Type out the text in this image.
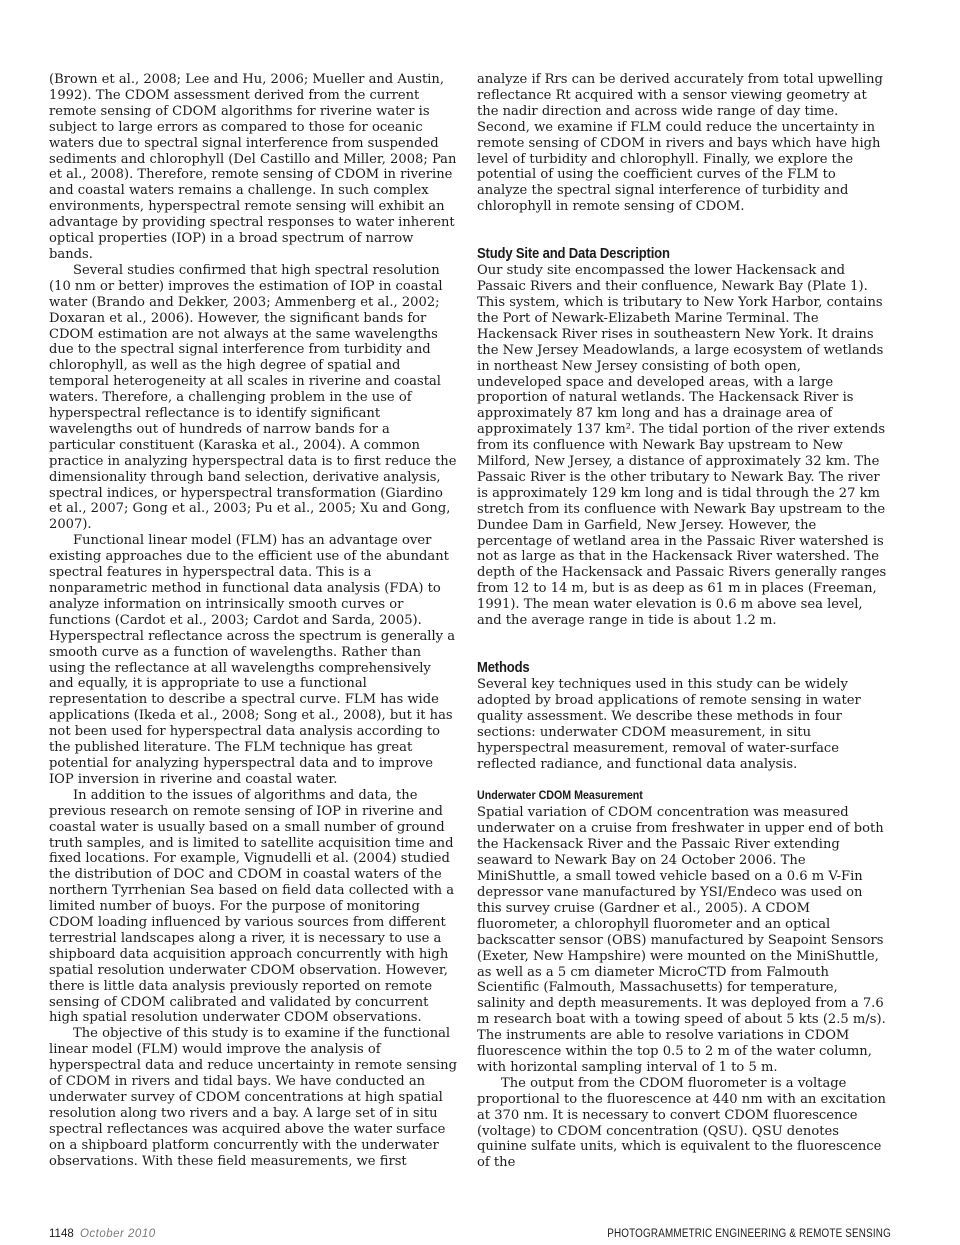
(Brown et al., 2008; Lee and Hu, 2006; Mueller and Austin, 1992). The CDOM assessment derived from the current remote sensing of CDOM algorithms for riverine water is subject to large errors as compared to those for oceanic waters due to spectral signal interference from suspended sediments and chlorophyll (Del Castillo and Miller, 2008; Pan et al., 2008). Therefore, remote sensing of CDOM in riverine and coastal waters remains a challenge. In such complex environments, hyperspectral remote sensing will exhibit an advantage by providing spectral responses to water inherent optical properties (IOP) in a broad spectrum of narrow bands.

Several studies confirmed that high spectral resolution (10 nm or better) improves the estimation of IOP in coastal water (Brando and Dekker, 2003; Ammenberg et al., 2002; Doxaran et al., 2006). However, the significant bands for CDOM estimation are not always at the same wavelengths due to the spectral signal interference from turbidity and chlorophyll, as well as the high degree of spatial and temporal heterogeneity at all scales in riverine and coastal waters. Therefore, a challenging problem in the use of hyperspectral reflectance is to identify significant wavelengths out of hundreds of narrow bands for a particular constituent (Karaska et al., 2004). A common practice in analyzing hyperspectral data is to first reduce the dimensionality through band selection, derivative analysis, spectral indices, or hyperspectral transformation (Giardino et al., 2007; Gong et al., 2003; Pu et al., 2005; Xu and Gong, 2007).

Functional linear model (FLM) has an advantage over existing approaches due to the efficient use of the abundant spectral features in hyperspectral data. This is a nonparametric method in functional data analysis (FDA) to analyze information on intrinsically smooth curves or functions (Cardot et al., 2003; Cardot and Sarda, 2005). Hyperspectral reflectance across the spectrum is generally a smooth curve as a function of wavelengths. Rather than using the reflectance at all wavelengths comprehensively and equally, it is appropriate to use a functional representation to describe a spectral curve. FLM has wide applications (Ikeda et al., 2008; Song et al., 2008), but it has not been used for hyperspectral data analysis according to the published literature. The FLM technique has great potential for analyzing hyperspectral data and to improve IOP inversion in riverine and coastal water.

In addition to the issues of algorithms and data, the previous research on remote sensing of IOP in riverine and coastal water is usually based on a small number of ground truth samples, and is limited to satellite acquisition time and fixed locations. For example, Vignudelli et al. (2004) studied the distribution of DOC and CDOM in coastal waters of the northern Tyrrhenian Sea based on field data collected with a limited number of buoys. For the purpose of monitoring CDOM loading influenced by various sources from different terrestrial landscapes along a river, it is necessary to use a shipboard data acquisition approach concurrently with high spatial resolution underwater CDOM observation. However, there is little data analysis previously reported on remote sensing of CDOM calibrated and validated by concurrent high spatial resolution underwater CDOM observations.

The objective of this study is to examine if the functional linear model (FLM) would improve the analysis of hyperspectral data and reduce uncertainty in remote sensing of CDOM in rivers and tidal bays. We have conducted an underwater survey of CDOM concentrations at high spatial resolution along two rivers and a bay. A large set of in situ spectral reflectances was acquired above the water surface on a shipboard platform concurrently with the underwater observations. With these field measurements, we first

analyze if Rrs can be derived accurately from total upwelling reflectance Rt acquired with a sensor viewing geometry at the nadir direction and across wide range of day time. Second, we examine if FLM could reduce the uncertainty in remote sensing of CDOM in rivers and bays which have high level of turbidity and chlorophyll. Finally, we explore the potential of using the coefficient curves of the FLM to analyze the spectral signal interference of turbidity and chlorophyll in remote sensing of CDOM.

Study Site and Data Description

Our study site encompassed the lower Hackensack and Passaic Rivers and their confluence, Newark Bay (Plate 1). This system, which is tributary to New York Harbor, contains the Port of Newark-Elizabeth Marine Terminal. The Hackensack River rises in southeastern New York. It drains the New Jersey Meadowlands, a large ecosystem of wetlands in northeast New Jersey consisting of both open, undeveloped space and developed areas, with a large proportion of natural wetlands. The Hackensack River is approximately 87 km long and has a drainage area of approximately 137 km². The tidal portion of the river extends from its confluence with Newark Bay upstream to New Milford, New Jersey, a distance of approximately 32 km. The Passaic River is the other tributary to Newark Bay. The river is approximately 129 km long and is tidal through the 27 km stretch from its confluence with Newark Bay upstream to the Dundee Dam in Garfield, New Jersey. However, the percentage of wetland area in the Passaic River watershed is not as large as that in the Hackensack River watershed. The depth of the Hackensack and Passaic Rivers generally ranges from 12 to 14 m, but is as deep as 61 m in places (Freeman, 1991). The mean water elevation is 0.6 m above sea level, and the average range in tide is about 1.2 m.

Methods

Several key techniques used in this study can be widely adopted by broad applications of remote sensing in water quality assessment. We describe these methods in four sections: underwater CDOM measurement, in situ hyperspectral measurement, removal of water-surface reflected radiance, and functional data analysis.

Underwater CDOM Measurement

Spatial variation of CDOM concentration was measured underwater on a cruise from freshwater in upper end of both the Hackensack River and the Passaic River extending seaward to Newark Bay on 24 October 2006. The MiniShuttle, a small towed vehicle based on a 0.6 m V-Fin depressor vane manufactured by YSI/Endeco was used on this survey cruise (Gardner et al., 2005). A CDOM fluorometer, a chlorophyll fluorometer and an optical backscatter sensor (OBS) manufactured by Seapoint Sensors (Exeter, New Hampshire) were mounted on the MiniShuttle, as well as a 5 cm diameter MicroCTD from Falmouth Scientific (Falmouth, Massachusetts) for temperature, salinity and depth measurements. It was deployed from a 7.6 m research boat with a towing speed of about 5 kts (2.5 m/s). The instruments are able to resolve variations in CDOM fluorescence within the top 0.5 to 2 m of the water column, with horizontal sampling interval of 1 to 5 m.

The output from the CDOM fluorometer is a voltage proportional to the fluorescence at 440 nm with an excitation at 370 nm. It is necessary to convert CDOM fluorescence (voltage) to CDOM concentration (QSU). QSU denotes quinine sulfate units, which is equivalent to the fluorescence of the

1148 October 2010	PHOTOGRAMMETRIC ENGINEERING & REMOTE SENSING
